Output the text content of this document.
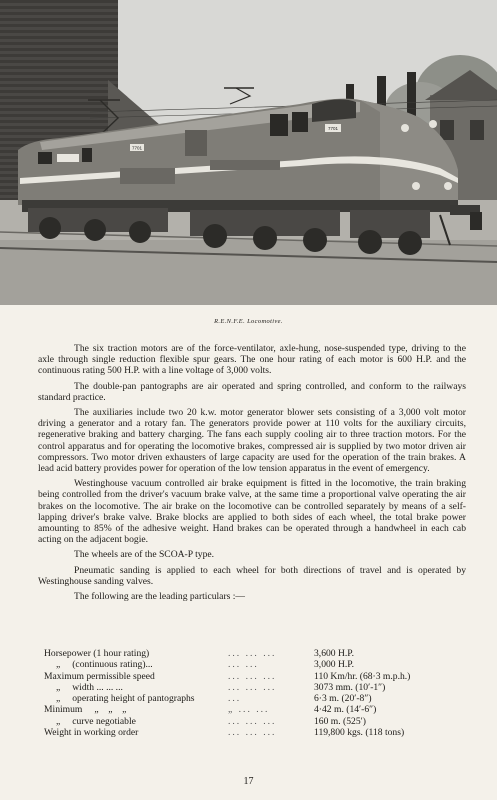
7701
7701
R.E.N.F.E. Locomotive.

The six traction motors are of the force-ventilator, axle-hung, nose-suspended type, driving to the axle through single reduction flexible spur gears. The one hour rating of each motor is 600 H.P. and the continuous rating 500 H.P. with a line voltage of 3,000 volts.

The double-pan pantographs are air operated and spring controlled, and conform to the railways standard practice.

The auxiliaries include two 20 k.w. motor generator blower sets consisting of a 3,000 volt motor driving a generator and a rotary fan. The generators provide power at 110 volts for the auxiliary circuits, regenerative braking and battery charging. The fans each supply cooling air to three traction motors. For the control apparatus and for operating the locomotive brakes, compressed air is supplied by two motor driven air compressors. Two motor driven exhausters of large capacity are used for the operation of the train brakes. A lead acid battery provides power for operation of the low tension apparatus in the event of emergency.

Westinghouse vacuum controlled air brake equipment is fitted in the locomotive, the train braking being controlled from the driver's vacuum brake valve, at the same time a proportional valve operating the air brakes on the locomotive. The air brake on the locomotive can be controlled separately by means of a self-lapping driver's brake valve. Brake blocks are applied to both sides of each wheel, the total brake power amounting to 85% of the adhesive weight. Hand brakes can be operated through a handwheel in each cab acting on the adjacent bogie.

The wheels are of the SCOA-P type.

Pneumatic sanding is applied to each wheel for both directions of travel and is operated by Westinghouse sanding valves.

The following are the leading particulars :—

Horsepower (1 hour rating)	... ... ...	3,600 H.P.
„     (continuous rating)...	... ...	3,000 H.P.
Maximum permissible speed	... ... ...	110 Km/hr. (68·3 m.p.h.)
„     width ... ... ...	... ... ...	3073 mm. (10′-1″)
„     operating height of pantographs	...	6·3 m. (20′-8″)
Minimum     „    „    „	„ ... ...	4·42 m. (14′-6″)
„     curve negotiable	... ... ...	160 m. (525′)
Weight in working order	... ... ...	119,800 kgs. (118 tons)
17
